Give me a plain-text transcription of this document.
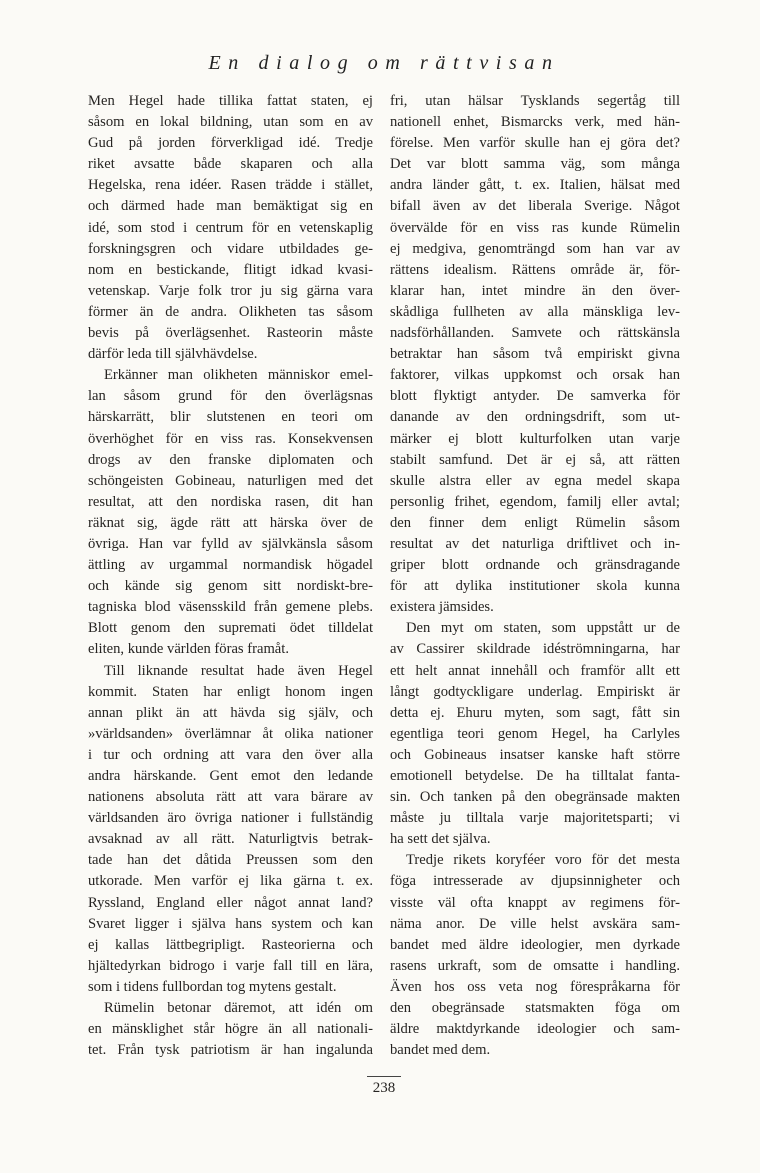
En dialog om rättvisan
Men Hegel hade tillika fattat staten, ej
såsom en lokal bildning, utan som en av
Gud på jorden förverkligad idé. Tredje
riket avsatte både skaparen och alla
Hegelska, rena idéer. Rasen trädde i stället,
och därmed hade man bemäktigat sig en
idé, som stod i centrum för en vetenskaplig
forskningsgren och vidare utbildades ge-
nom en bestickande, flitigt idkad kvasi-
vetenskap. Varje folk tror ju sig gärna vara
förmer än de andra. Olikheten tas såsom
bevis på överlägsenhet. Rasteorin måste
därför leda till självhävdelse.
Erkänner man olikheten människor emel-
lan såsom grund för den överlägsnas
härskarrätt, blir slutstenen en teori om
överhöghet för en viss ras. Konsekvensen
drogs av den franske diplomaten och
schöngeisten Gobineau, naturligen med det
resultat, att den nordiska rasen, dit han
räknat sig, ägde rätt att härska över de
övriga. Han var fylld av självkänsla såsom
ättling av urgammal normandisk högadel
och kände sig genom sitt nordiskt-bre-
tagniska blod väsensskild från gemene plebs.
Blott genom den supremati ödet tilldelat
eliten, kunde världen föras framåt.
Till liknande resultat hade även Hegel
kommit. Staten har enligt honom ingen
annan plikt än att hävda sig själv, och
»världsanden» överlämnar åt olika nationer
i tur och ordning att vara den över alla
andra härskande. Gent emot den ledande
nationens absoluta rätt att vara bärare av
världsanden äro övriga nationer i fullständig
avsaknad av all rätt. Naturligtvis betrak-
tade han det dåtida Preussen som den
utkorade. Men varför ej lika gärna t. ex.
Ryssland, England eller något annat land?
Svaret ligger i själva hans system och kan
ej kallas lättbegripligt. Rasteorierna och
hjältedyrkan bidrogo i varje fall till en lära,
som i tidens fullbordan tog mytens gestalt.
Rümelin betonar däremot, att idén om
en mänsklighet står högre än all nationali-
tet. Från tysk patriotism är han ingalunda
fri, utan hälsar Tysklands segertåg till
nationell enhet, Bismarcks verk, med hän-
förelse. Men varför skulle han ej göra det?
Det var blott samma väg, som många
andra länder gått, t. ex. Italien, hälsat med
bifall även av det liberala Sverige. Något
övervälde för en viss ras kunde Rümelin
ej medgiva, genomträngd som han var av
rättens idealism. Rättens område är, för-
klarar han, intet mindre än den över-
skådliga fullheten av alla mänskliga lev-
nadsförhållanden. Samvete och rättskänsla
betraktar han såsom två empiriskt givna
faktorer, vilkas uppkomst och orsak han
blott flyktigt antyder. De samverka för
danande av den ordningsdrift, som ut-
märker ej blott kulturfolken utan varje
stabilt samfund. Det är ej så, att rätten
skulle alstra eller av egna medel skapa
personlig frihet, egendom, familj eller avtal;
den finner dem enligt Rümelin såsom
resultat av det naturliga driftlivet och in-
griper blott ordnande och gränsdragande
för att dylika institutioner skola kunna
existera jämsides.
Den myt om staten, som uppstått ur de
av Cassirer skildrade idéströmningarna, har
ett helt annat innehåll och framför allt ett
långt godtyckligare underlag. Empiriskt är
detta ej. Ehuru myten, som sagt, fått sin
egentliga teori genom Hegel, ha Carlyles
och Gobineaus insatser kanske haft större
emotionell betydelse. De ha tilltalat fanta-
sin. Och tanken på den obegränsade makten
måste ju tilltala varje majoritetsparti; vi
ha sett det själva.
Tredje rikets koryféer voro för det mesta
föga intresserade av djupsinnigheter och
visste väl ofta knappt av regimens för-
näma anor. De ville helst avskära sam-
bandet med äldre ideologier, men dyrkade
rasens urkraft, som de omsatte i handling.
Även hos oss veta nog förespråkarna för
den obegränsade statsmakten föga om
äldre maktdyrkande ideologier och sam-
bandet med dem.
238
